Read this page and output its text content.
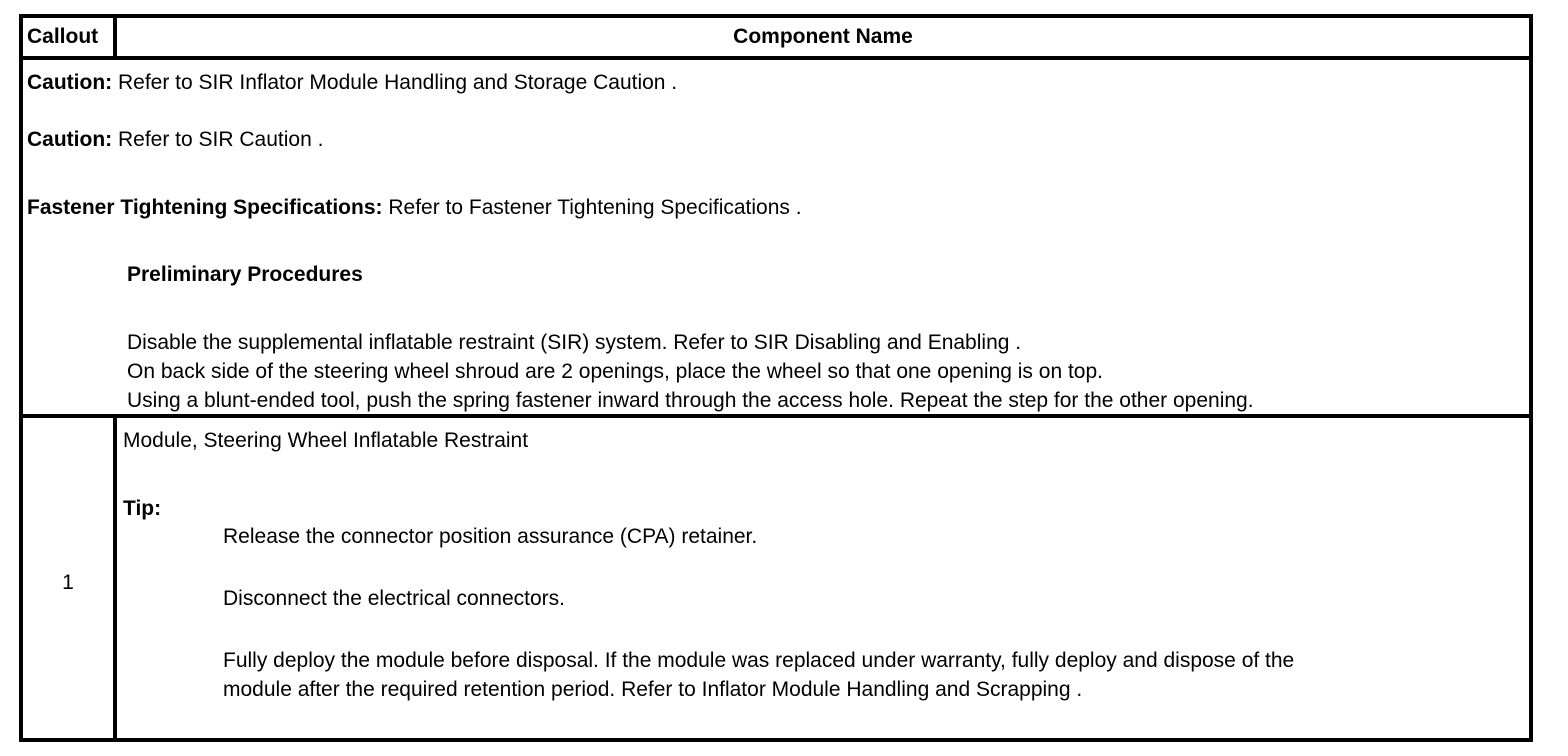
Callout	Component Name
Caution: Refer to SIR Inflator Module Handling and Storage Caution .
Caution: Refer to SIR Caution .
Fastener Tightening Specifications: Refer to Fastener Tightening Specifications .
Preliminary Procedures
Disable the supplemental inflatable restraint (SIR) system. Refer to SIR Disabling and Enabling .
On back side of the steering wheel shroud are 2 openings, place the wheel so that one opening is on top.
Using a blunt-ended tool, push the spring fastener inward through the access hole. Repeat the step for the other opening.
1
Module, Steering Wheel Inflatable Restraint
Tip:
Release the connector position assurance (CPA) retainer.
Disconnect the electrical connectors.
Fully deploy the module before disposal. If the module was replaced under warranty, fully deploy and dispose of the
module after the required retention period. Refer to Inflator Module Handling and Scrapping .
